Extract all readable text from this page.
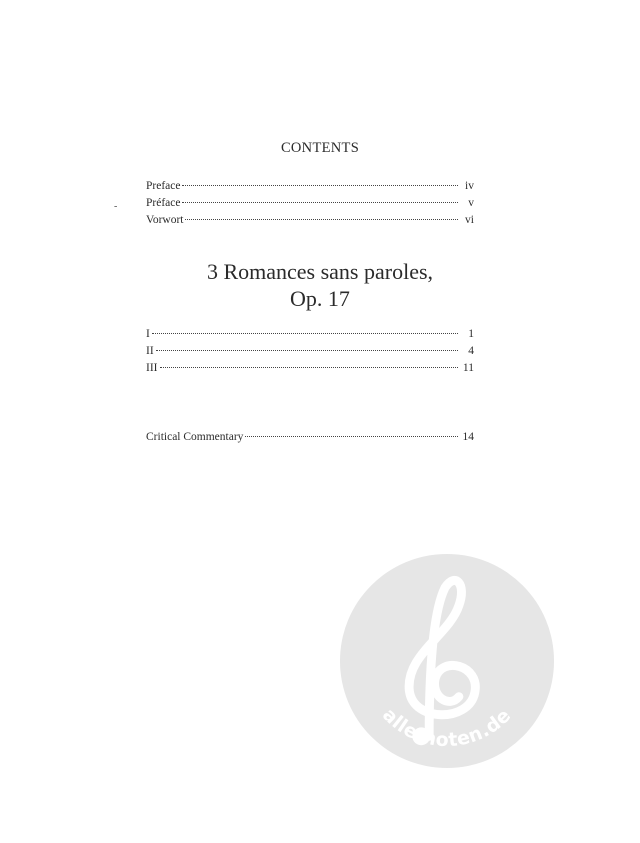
CONTENTS
-
Preface	iv
Préface	v
Vorwort	vi
3 Romances sans paroles,
Op. 17
I	1
II	4
III	11
Critical Commentary	14
alle-noten.de
